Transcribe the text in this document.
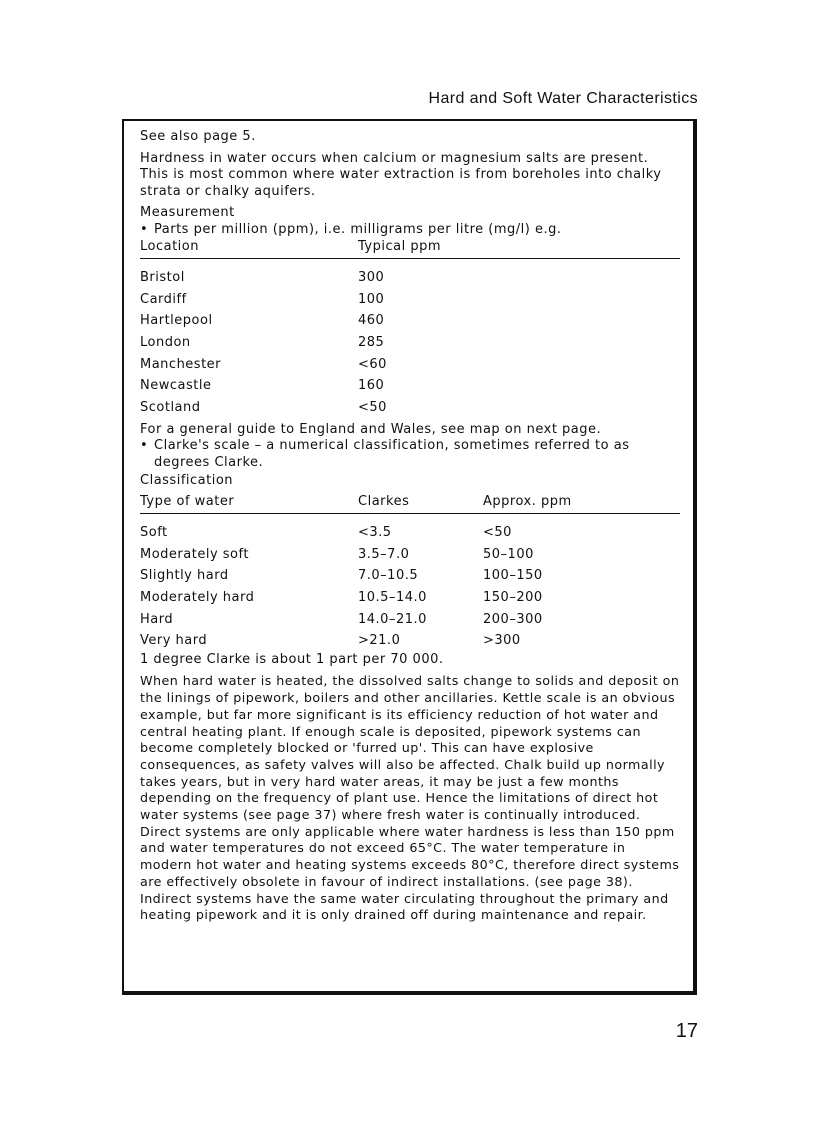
Hard and Soft Water Characteristics

See also page 5.

Hardness in water occurs when calcium or magnesium salts are present. This is most common where water extraction is from boreholes into chalky strata or chalky aquifers.

Measurement

• Parts per million (ppm), i.e. milligrams per litre (mg/l) e.g.

Location	Typical ppm
Bristol	300
Cardiff	100
Hartlepool	460
London	285
Manchester	<60
Newcastle	160
Scotland	<50

For a general guide to England and Wales, see map on next page.

• Clarke's scale – a numerical classification, sometimes referred to as degrees Clarke.

Classification

Type of water	Clarkes	Approx. ppm
Soft	<3.5	<50
Moderately soft	3.5–7.0	50–100
Slightly hard	7.0–10.5	100–150
Moderately hard	10.5–14.0	150–200
Hard	14.0–21.0	200–300
Very hard	>21.0	>300

1 degree Clarke is about 1 part per 70 000.

When hard water is heated, the dissolved salts change to solids and deposit on the linings of pipework, boilers and other ancillaries. Kettle scale is an obvious example, but far more significant is its efficiency reduction of hot water and central heating plant. If enough scale is deposited, pipework systems can become completely blocked or 'furred up'. This can have explosive consequences, as safety valves will also be affected. Chalk build up normally takes years, but in very hard water areas, it may be just a few months depending on the frequency of plant use. Hence the limitations of direct hot water systems (see page 37) where fresh water is continually introduced. Direct systems are only applicable where water hardness is less than 150 ppm and water temperatures do not exceed 65°C. The water temperature in modern hot water and heating systems exceeds 80°C, therefore direct systems are effectively obsolete in favour of indirect installations. (see page 38). Indirect systems have the same water circulating throughout the primary and heating pipework and it is only drained off during maintenance and repair.

17
